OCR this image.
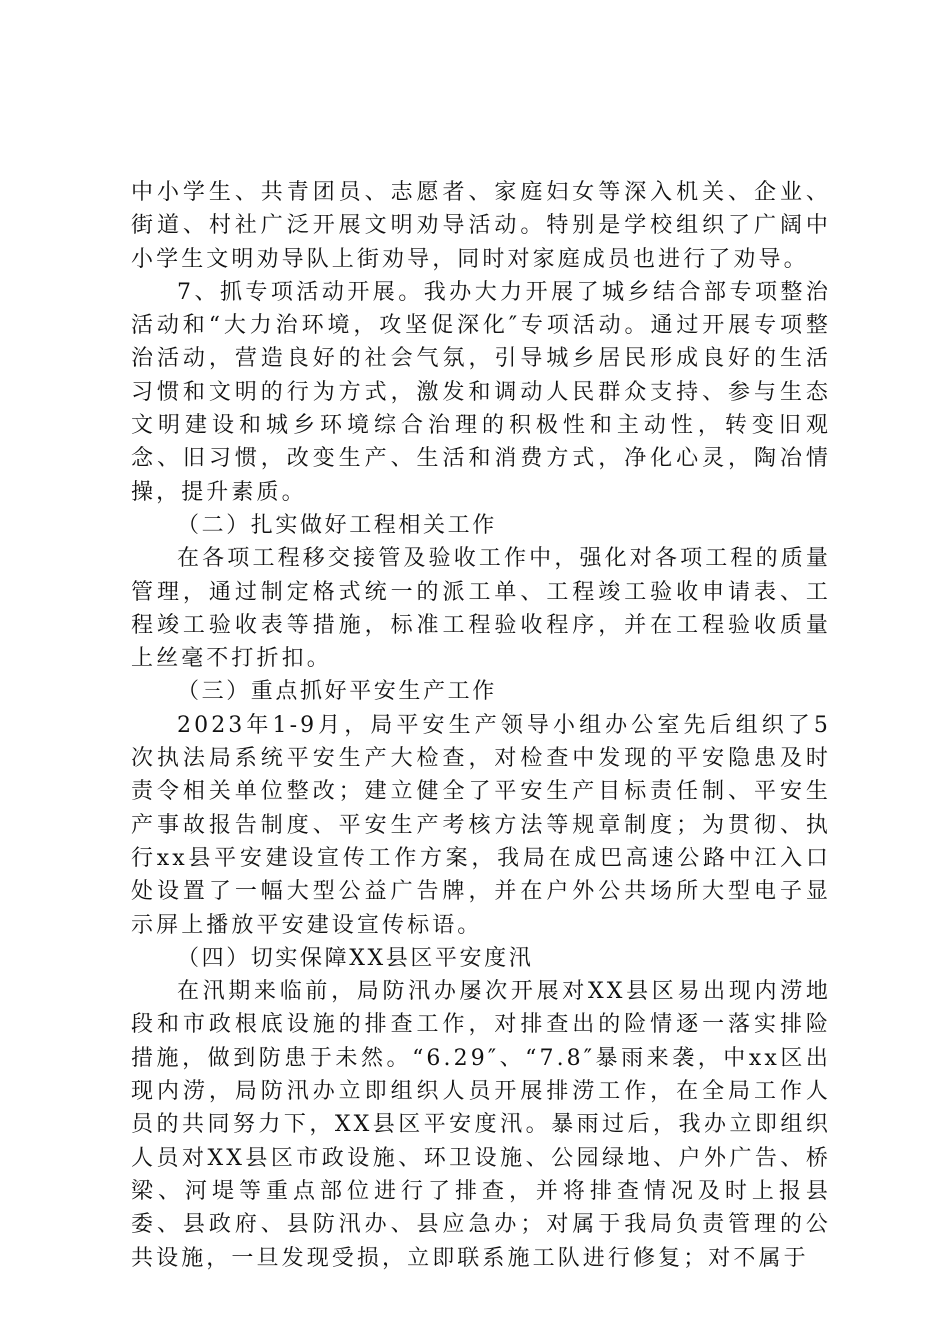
中小学生、共青团员、志愿者、家庭妇女等深入机关、企业、街道、村社广泛开展文明劝导活动。特别是学校组织了广阔中小学生文明劝导队上街劝导，同时对家庭成员也进行了劝导。

7、抓专项活动开展。我办大力开展了城乡结合部专项整治活动和“大力治环境，攻坚促深化″专项活动。通过开展专项整治活动，营造良好的社会气氛，引导城乡居民形成良好的生活习惯和文明的行为方式，激发和调动人民群众支持、参与生态文明建设和城乡环境综合治理的积极性和主动性，转变旧观念、旧习惯，改变生产、生活和消费方式，净化心灵，陶冶情操，提升素质。

（二）扎实做好工程相关工作

在各项工程移交接管及验收工作中，强化对各项工程的质量管理，通过制定格式统一的派工单、工程竣工验收申请表、工程竣工验收表等措施，标准工程验收程序，并在工程验收质量上丝毫不打折扣。

（三）重点抓好平安生产工作

2023年1-9月，局平安生产领导小组办公室先后组织了5次执法局系统平安生产大检查，对检查中发现的平安隐患及时责令相关单位整改；建立健全了平安生产目标责任制、平安生产事故报告制度、平安生产考核方法等规章制度；为贯彻、执行xx县平安建设宣传工作方案，我局在成巴高速公路中江入口处设置了一幅大型公益广告牌，并在户外公共场所大型电子显示屏上播放平安建设宣传标语。

（四）切实保障XX县区平安度汛

在汛期来临前，局防汛办屡次开展对XX县区易出现内涝地段和市政根底设施的排查工作，对排查出的险情逐一落实排险措施，做到防患于未然。“6.29″、“7.8″暴雨来袭，中xx区出现内涝，局防汛办立即组织人员开展排涝工作，在全局工作人员的共同努力下，XX县区平安度汛。暴雨过后，我办立即组织人员对XX县区市政设施、环卫设施、公园绿地、户外广告、桥梁、河堤等重点部位进行了排查，并将排查情况及时上报县委、县政府、县防汛办、县应急办；对属于我局负责管理的公共设施，一旦发现受损，立即联系施工队进行修复；对不属于
